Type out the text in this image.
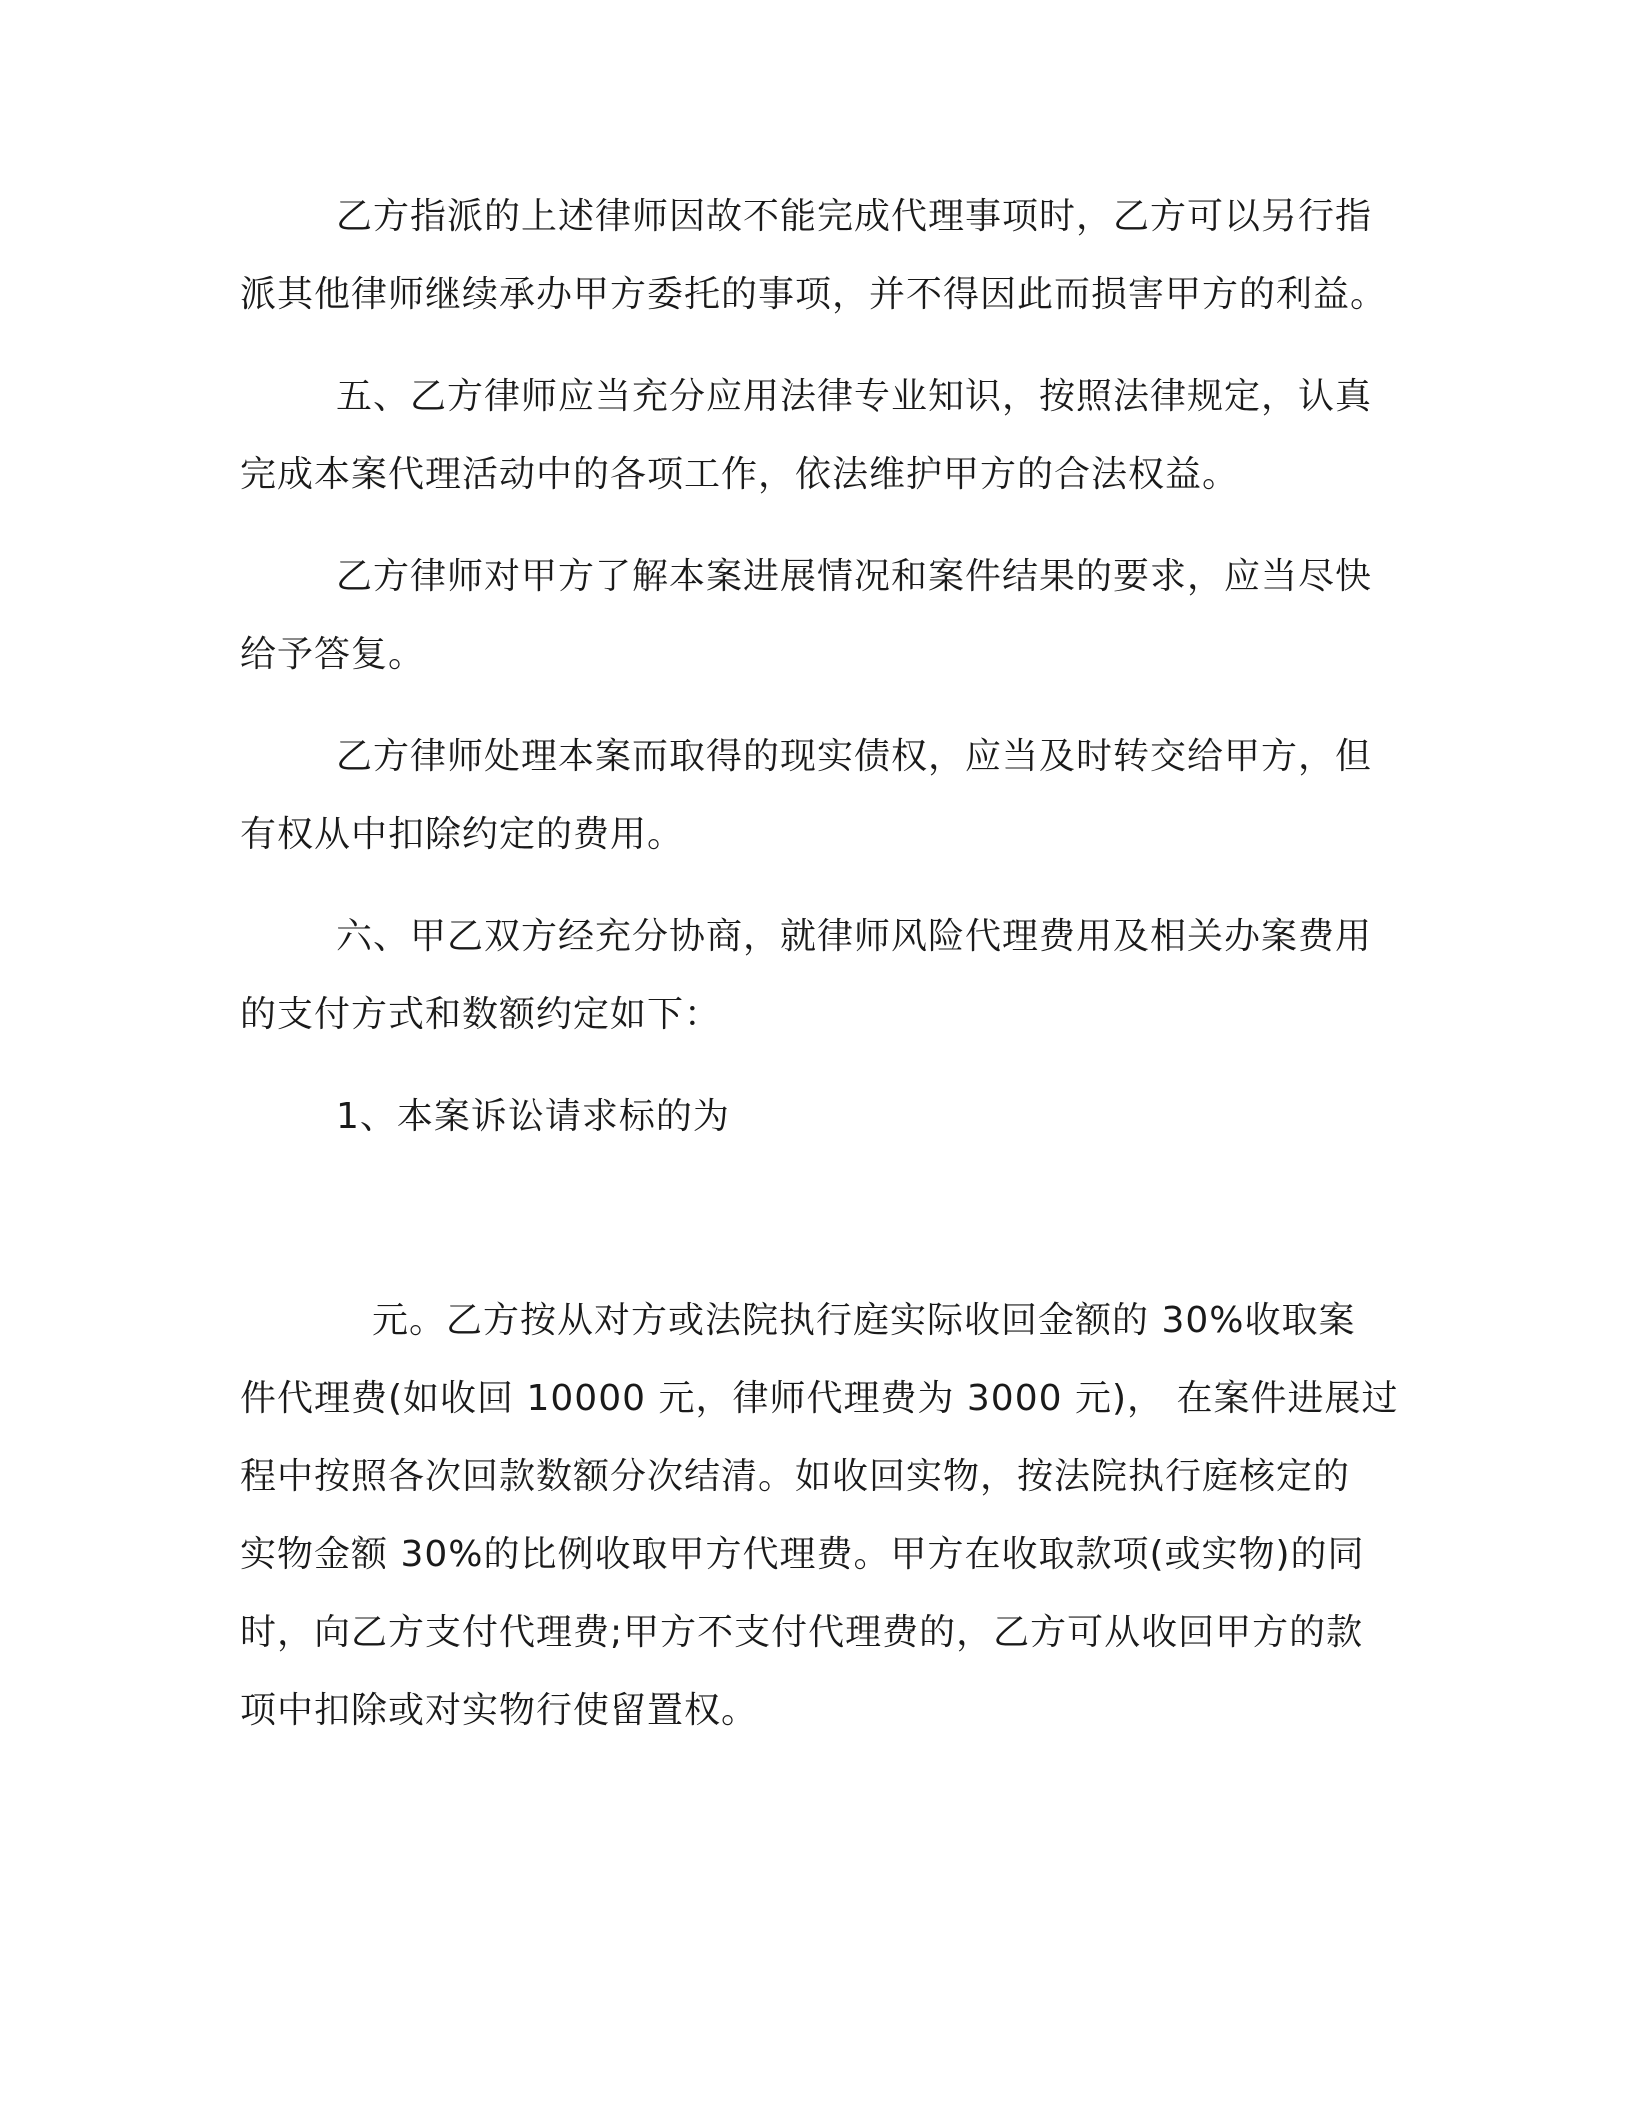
乙方指派的上述律师因故不能完成代理事项时，乙方可以另行指
派其他律师继续承办甲方委托的事项，并不得因此而损害甲方的利益。

五、乙方律师应当充分应用法律专业知识，按照法律规定，认真
完成本案代理活动中的各项工作，依法维护甲方的合法权益。

乙方律师对甲方了解本案进展情况和案件结果的要求，应当尽快
给予答复。

乙方律师处理本案而取得的现实债权，应当及时转交给甲方，但
有权从中扣除约定的费用。

六、甲乙双方经充分协商，就律师风险代理费用及相关办案费用
的支付方式和数额约定如下：

1、本案诉讼请求标的为

元。乙方按从对方或法院执行庭实际收回金额的 30%收取案
件代理费(如收回 10000 元，律师代理费为 3000 元)， 在案件进展过
程中按照各次回款数额分次结清。如收回实物，按法院执行庭核定的
实物金额 30%的比例收取甲方代理费。甲方在收取款项(或实物)的同
时，向乙方支付代理费;甲方不支付代理费的，乙方可从收回甲方的款
项中扣除或对实物行使留置权。
